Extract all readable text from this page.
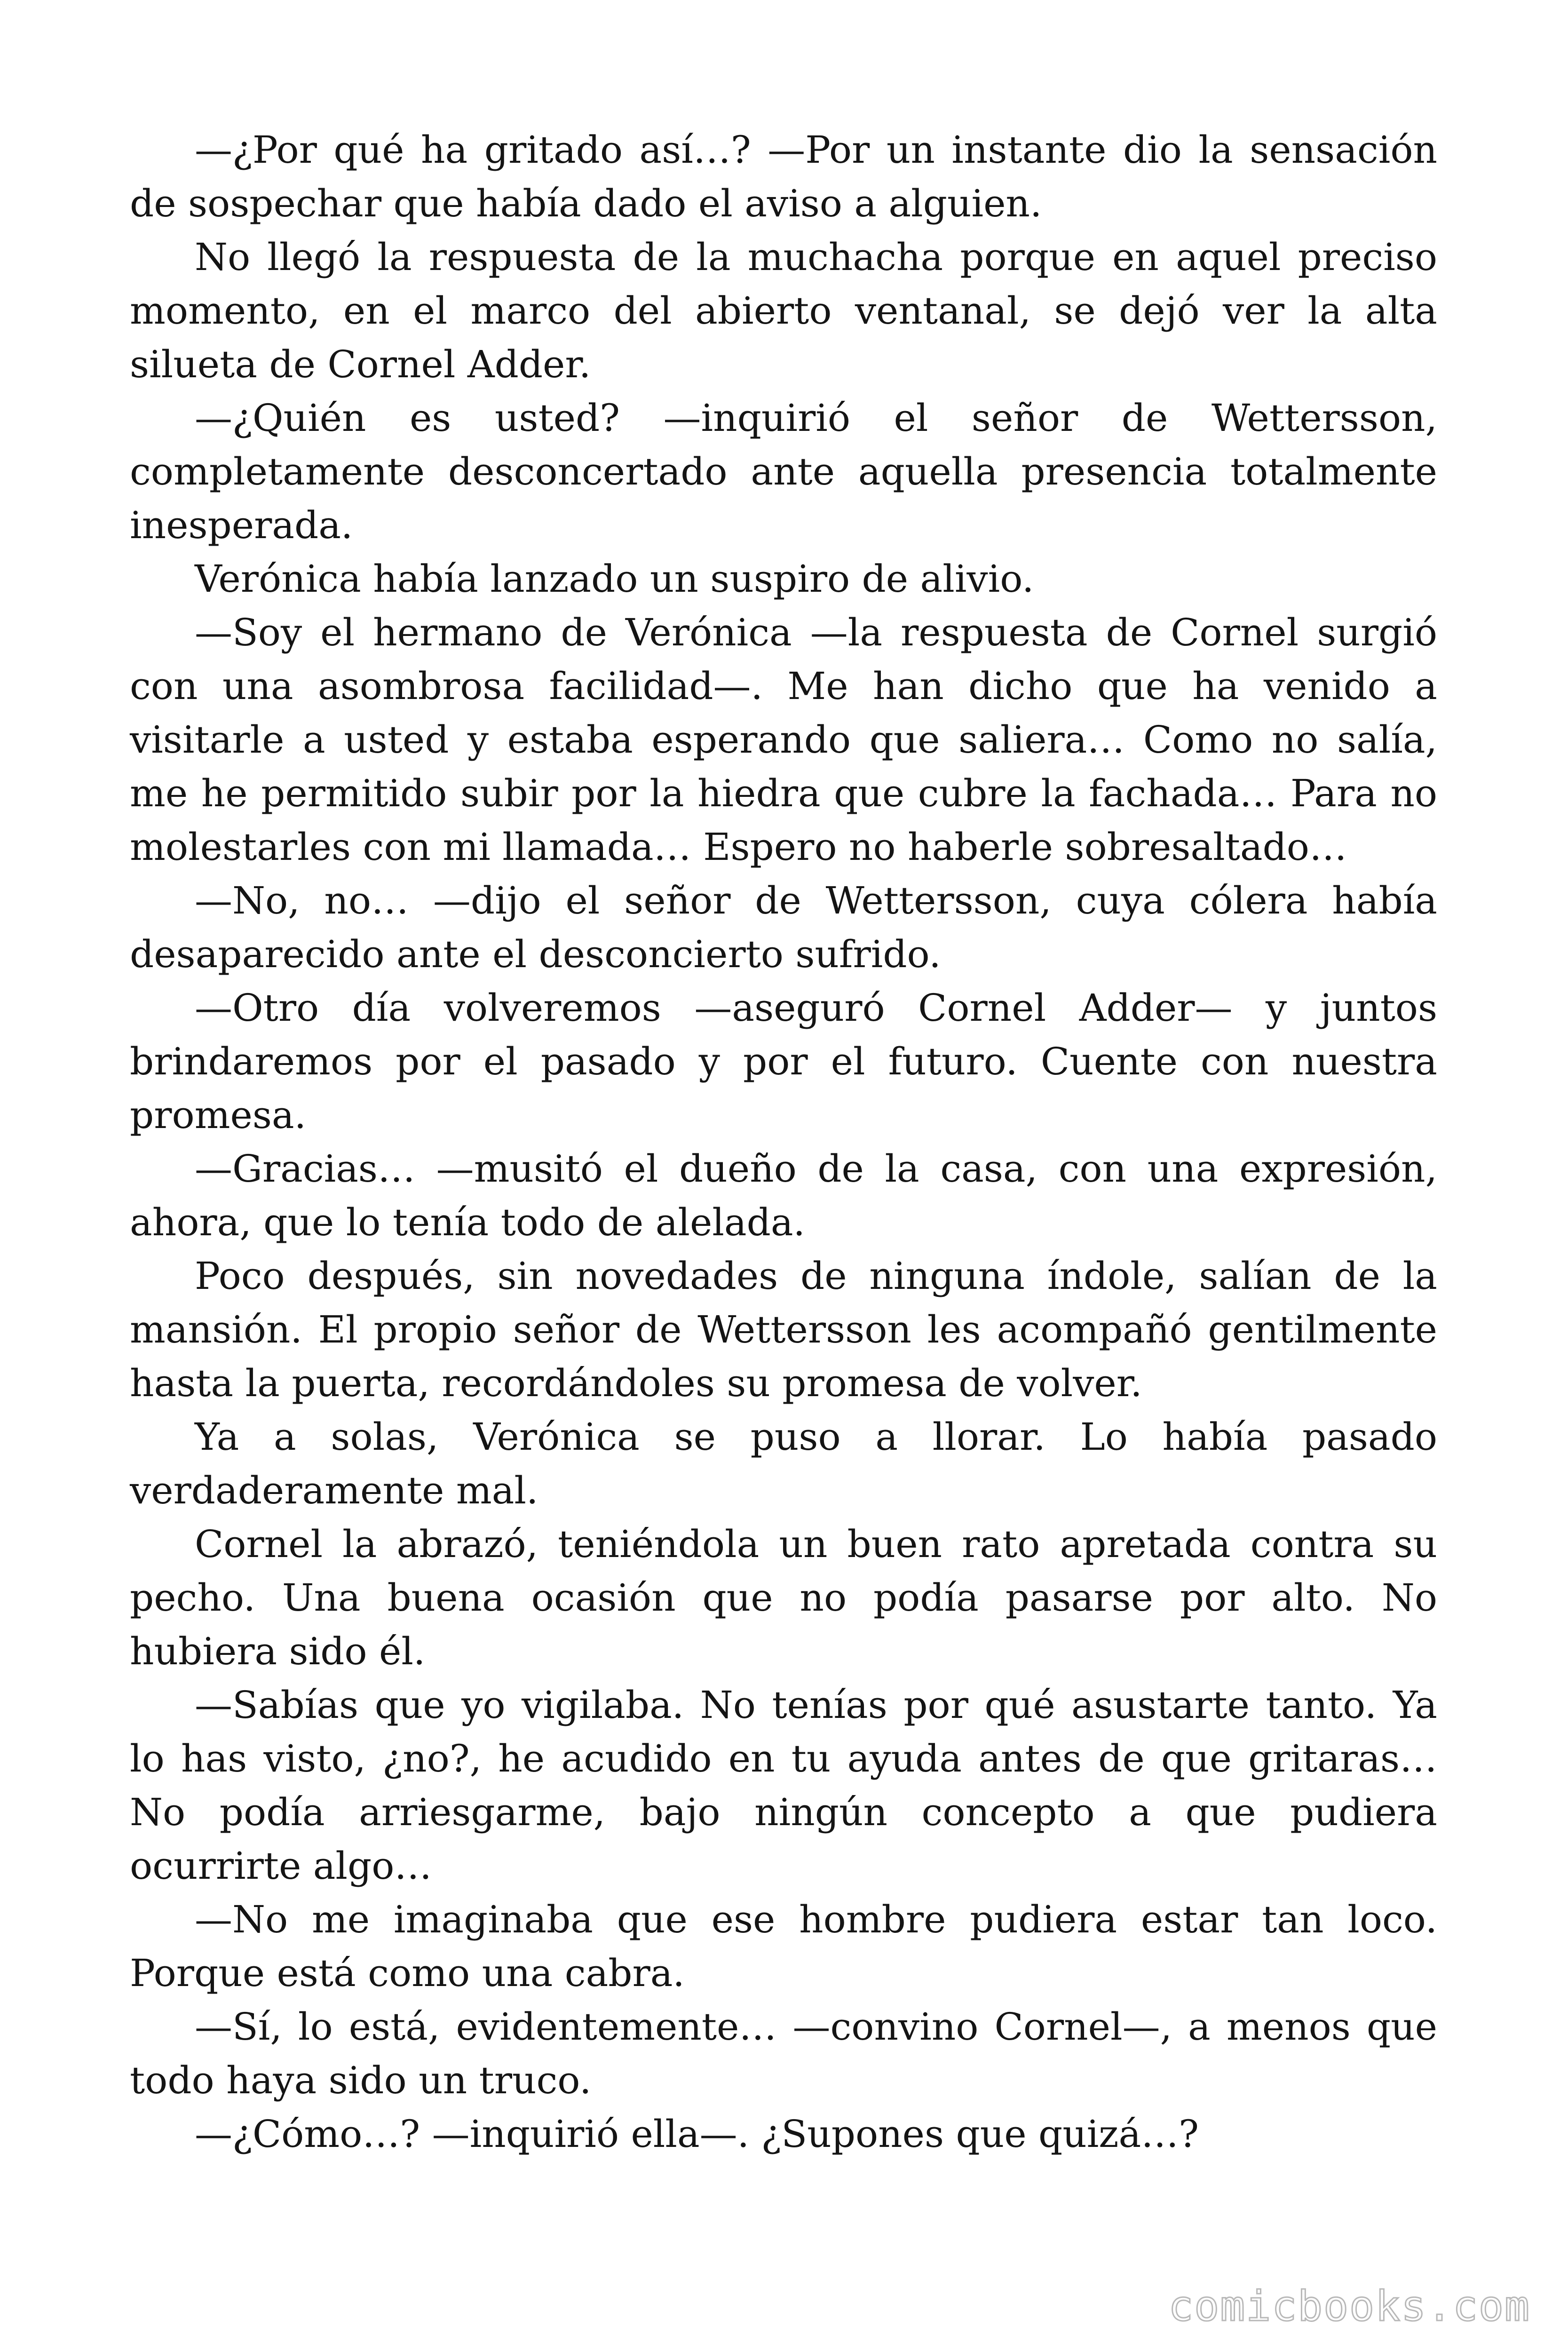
—¿Por qué ha gritado así…? —Por un instante dio la sensación de sospechar que había dado el aviso a alguien.

No llegó la respuesta de la muchacha porque en aquel preciso momento, en el marco del abierto ventanal, se dejó ver la alta silueta de Cornel Adder.

—¿Quién es usted? —inquirió el señor de Wettersson, completamente desconcertado ante aquella presencia totalmente inesperada.

Verónica había lanzado un suspiro de alivio.

—Soy el hermano de Verónica —la respuesta de Cornel surgió con una asombrosa facilidad—. Me han dicho que ha venido a visitarle a usted y estaba esperando que saliera… Como no salía, me he permitido subir por la hiedra que cubre la fachada… Para no molestarles con mi llamada… Espero no haberle sobresaltado…

—No, no… —dijo el señor de Wettersson, cuya cólera había desaparecido ante el desconcierto sufrido.

—Otro día volveremos —aseguró Cornel Adder— y juntos brindaremos por el pasado y por el futuro. Cuente con nuestra promesa.

—Gracias… —musitó el dueño de la casa, con una expresión, ahora, que lo tenía todo de alelada.

Poco después, sin novedades de ninguna índole, salían de la mansión. El propio señor de Wettersson les acompañó gentilmente hasta la puerta, recordándoles su promesa de volver.

Ya a solas, Verónica se puso a llorar. Lo había pasado verdaderamente mal.

Cornel la abrazó, teniéndola un buen rato apretada contra su pecho. Una buena ocasión que no podía pasarse por alto. No hubiera sido él.

—Sabías que yo vigilaba. No tenías por qué asustarte tanto. Ya lo has visto, ¿no?, he acudido en tu ayuda antes de que gritaras… No podía arriesgarme, bajo ningún concepto a que pudiera ocurrirte algo…

—No me imaginaba que ese hombre pudiera estar tan loco. Porque está como una cabra.

—Sí, lo está, evidentemente… —convino Cornel—, a menos que todo haya sido un truco.

—¿Cómo…? —inquirió ella—. ¿Supones que quizá…?

comicbooks.com
